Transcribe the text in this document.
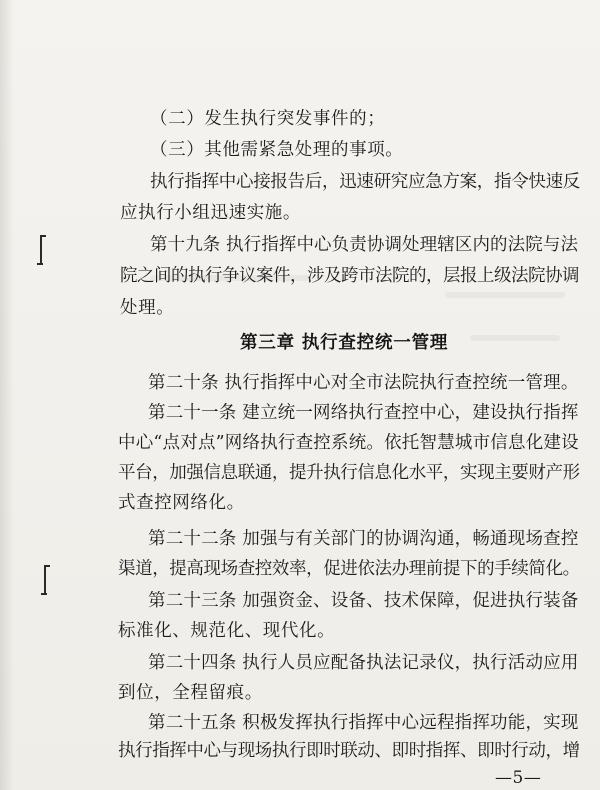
（二）发生执行突发事件的；
（三）其他需紧急处理的事项。
执行指挥中心接报告后，迅速研究应急方案，指令快速反
应执行小组迅速实施。
第十九条 执行指挥中心负责协调处理辖区内的法院与法
院之间的执行争议案件，涉及跨市法院的，层报上级法院协调
处理。
第三章 执行查控统一管理
第二十条 执行指挥中心对全市法院执行查控统一管理。
第二十一条 建立统一网络执行查控中心，建设执行指挥
中心“点对点”网络执行查控系统。依托智慧城市信息化建设
平台，加强信息联通，提升执行信息化水平，实现主要财产形
式查控网络化。
第二十二条 加强与有关部门的协调沟通，畅通现场查控
渠道，提高现场查控效率，促进依法办理前提下的手续简化。
第二十三条 加强资金、设备、技术保障，促进执行装备
标准化、规范化、现代化。
第二十四条 执行人员应配备执法记录仪，执行活动应用
到位，全程留痕。
第二十五条 积极发挥执行指挥中心远程指挥功能，实现
执行指挥中心与现场执行即时联动、即时指挥、即时行动，增
—5—
